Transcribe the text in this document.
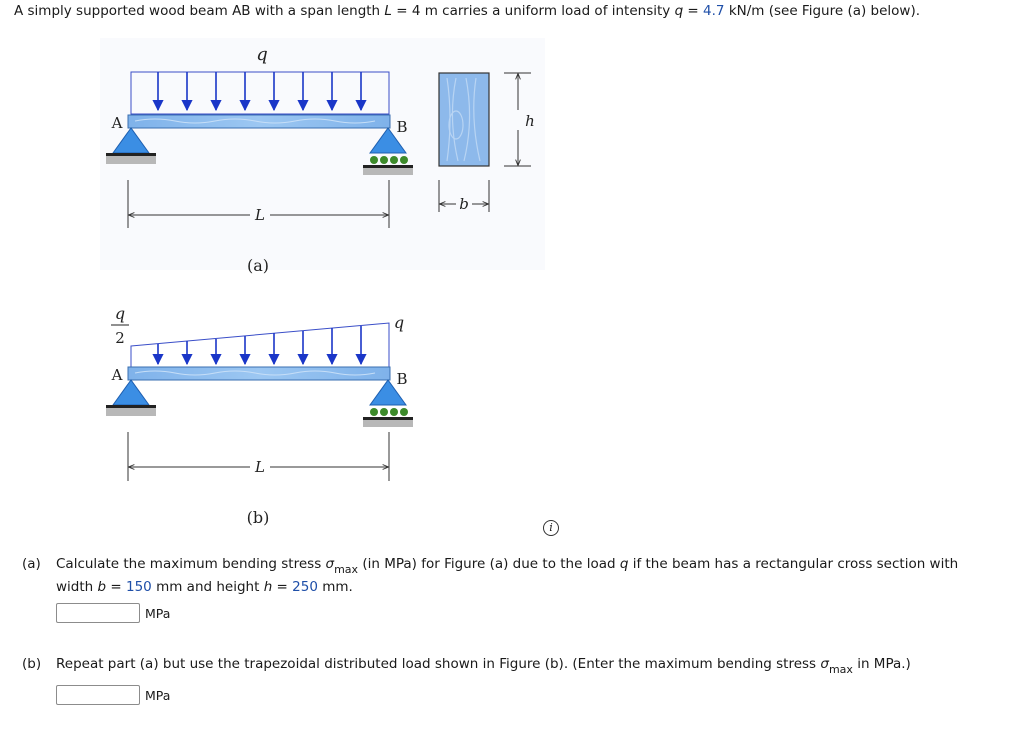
A simply supported wood beam AB with a span length L = 4 m carries a uniform load of intensity q = 4.7 kN/m (see Figure (a) below).
q
A	B
L
(a)
h
b
q
2
q
A	B
L
(b)
i
(a) Calculate the maximum bending stress $\sigma_{max}$ (in MPa) for Figure (a) due to the load q if the beam has a rectangular cross section with
width b = 150 mm and height h = 250 mm.
MPa
(b) Repeat part (a) but use the trapezoidal distributed load shown in Figure (b). (Enter the maximum bending stress $\sigma_{max}$ in MPa.)
MPa
